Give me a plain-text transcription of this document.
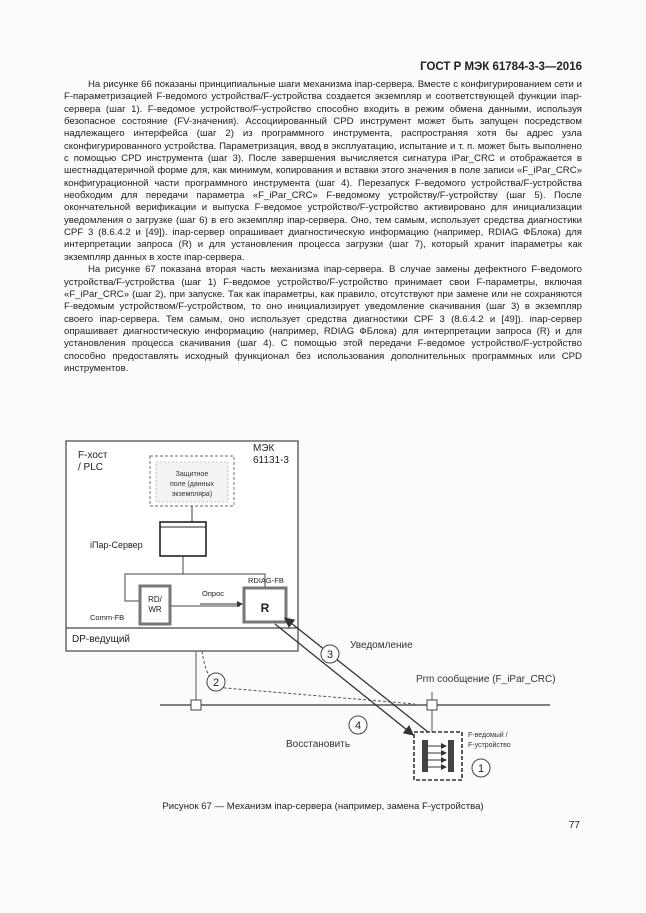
ГОСТ Р МЭК 61784-3-3—2016

На рисунке 66 показаны принципиальные шаги механизма iпар-сервера. Вместе с конфигурированием сети и F-параметризацией F-ведомого устройства/F-устройства создается экземпляр и соответствующей функции iпар-сервера (шаг 1). F-ведомое устройство/F-устройство способно входить в режим обмена данными, используя безопасное состояние (FV-значения). Ассоциированный CPD инструмент может быть запущен посредством надлежащего интерфейса (шаг 2) из программного инструмента, распространяя хотя бы адрес узла сконфигурированного устройства. Параметризация, ввод в эксплуатацию, испытание и т. п. может быть выполнено с помощью CPD инструмента (шаг 3). После завершения вычисляется сигнатура iPar_CRC и отображается в шестнадцатеричной форме для, как минимум, копирования и вставки этого значения в поле записи «F_iPar_CRC» конфигурационной части программного инструмента (шаг 4). Перезапуск F-ведомого устройства/F-устройства необходим для передачи параметра «F_iPar_CRC» F-ведомому устройству/F-устройству (шаг 5). После окончательной верификации и выпуска F-ведомое устройство/F-устройство активировано для инициализации уведомления о загрузке (шаг 6) в его экземпляр iпар-сервера. Оно, тем самым, использует средства диагностики CPF 3 (8.6.4.2 и [49]). iпар-сервер опрашивает диагностическую информацию (например, RDIAG ФБлока) для интерпретации запроса (R) и для установления процесса загрузки (шаг 7), который хранит iпараметры как экземпляр данных в хосте iпар-сервера.

На рисунке 67 показана вторая часть механизма iпар-сервера. В случае замены дефектного F-ведомого устройства/F-устройства (шаг 1) F-ведомое устройство/F-устройство принимает свои F-параметры, включая «F_iPar_CRC» (шаг 2), при запуске. Так как iпараметры, как правило, отсутствуют при замене или не сохраняются F-ведомым устройством/F-устройством, то оно инициализирует уведомление скачивания (шаг 3) в экземпляр своего iпар-сервера. Тем самым, оно использует средства диагностики CPF 3 (8.6.4.2 и [49]). iпар-сервер опрашивает диагностическую информацию (например, RDIAG ФБлока) для интерпретации запроса (R) и для установления процесса скачивания (шаг 4). С помощью этой передачи F-ведомое устройство/F-устройство способно предоставлять исходный функционал без использования дополнительных программных или CPD инструментов.

F-хост
/ PLC
МЭК
61131-3
Защитное
поле (данных
экземпляра)
iПар-Сервер
RD/
WR
Comm-FB
Опрос
RDIAG-FB
R
DP-ведущий
2
3
Уведомление
Prm сообщение (F_iPar_CRC)
4
Восстановить
F-ведомый /
F-устройство
1
Рисунок 67 — Механизм iпар-сервера (например, замена F-устройства)
77
